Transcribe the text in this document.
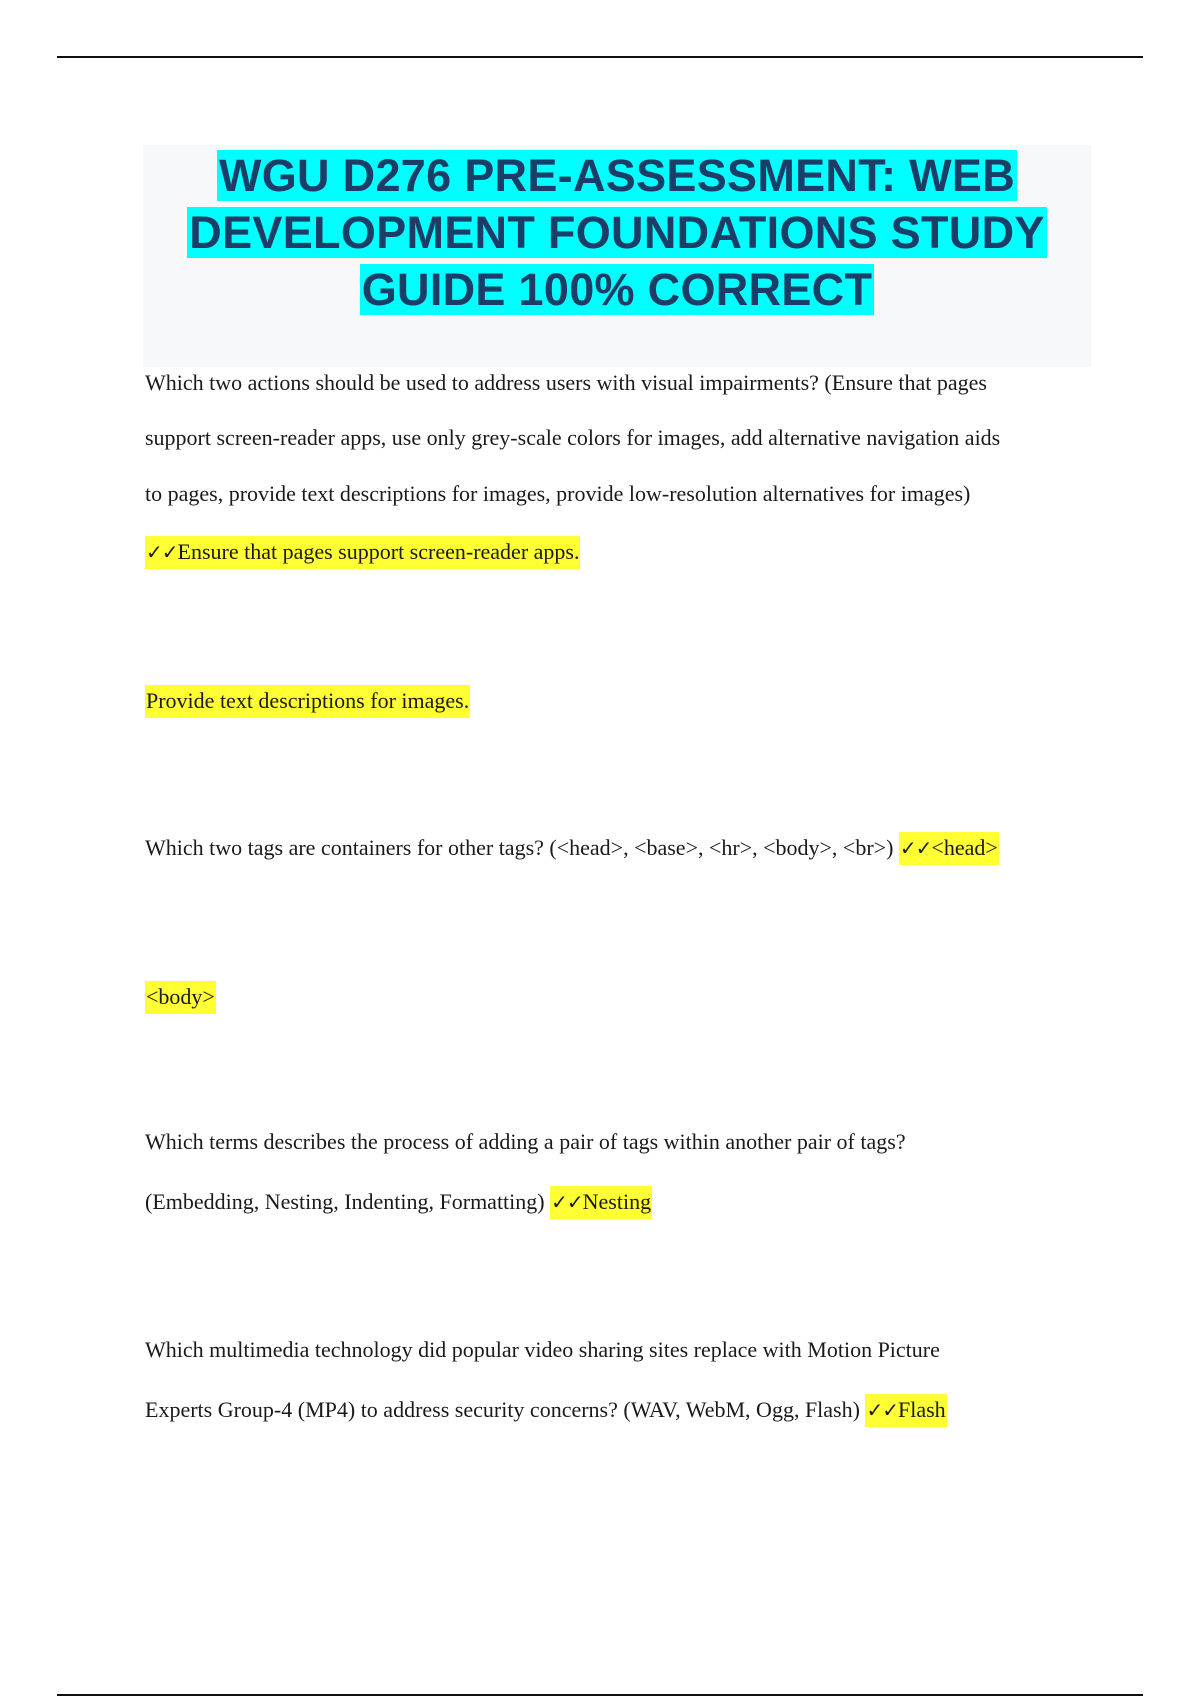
WGU D276 PRE-ASSESSMENT: WEB
DEVELOPMENT FOUNDATIONS STUDY
GUIDE 100% CORRECT
Which two actions should be used to address users with visual impairments? (Ensure that pages
support screen-reader apps, use only grey-scale colors for images, add alternative navigation aids
to pages, provide text descriptions for images, provide low-resolution alternatives for images)
✓✓Ensure that pages support screen-reader apps.
Provide text descriptions for images.
Which two tags are containers for other tags? (<head>, <base>, <hr>, <body>, <br>) ✓✓<head>
<body>
Which terms describes the process of adding a pair of tags within another pair of tags?
(Embedding, Nesting, Indenting, Formatting) ✓✓Nesting
Which multimedia technology did popular video sharing sites replace with Motion Picture
Experts Group-4 (MP4) to address security concerns? (WAV, WebM, Ogg, Flash) ✓✓Flash
